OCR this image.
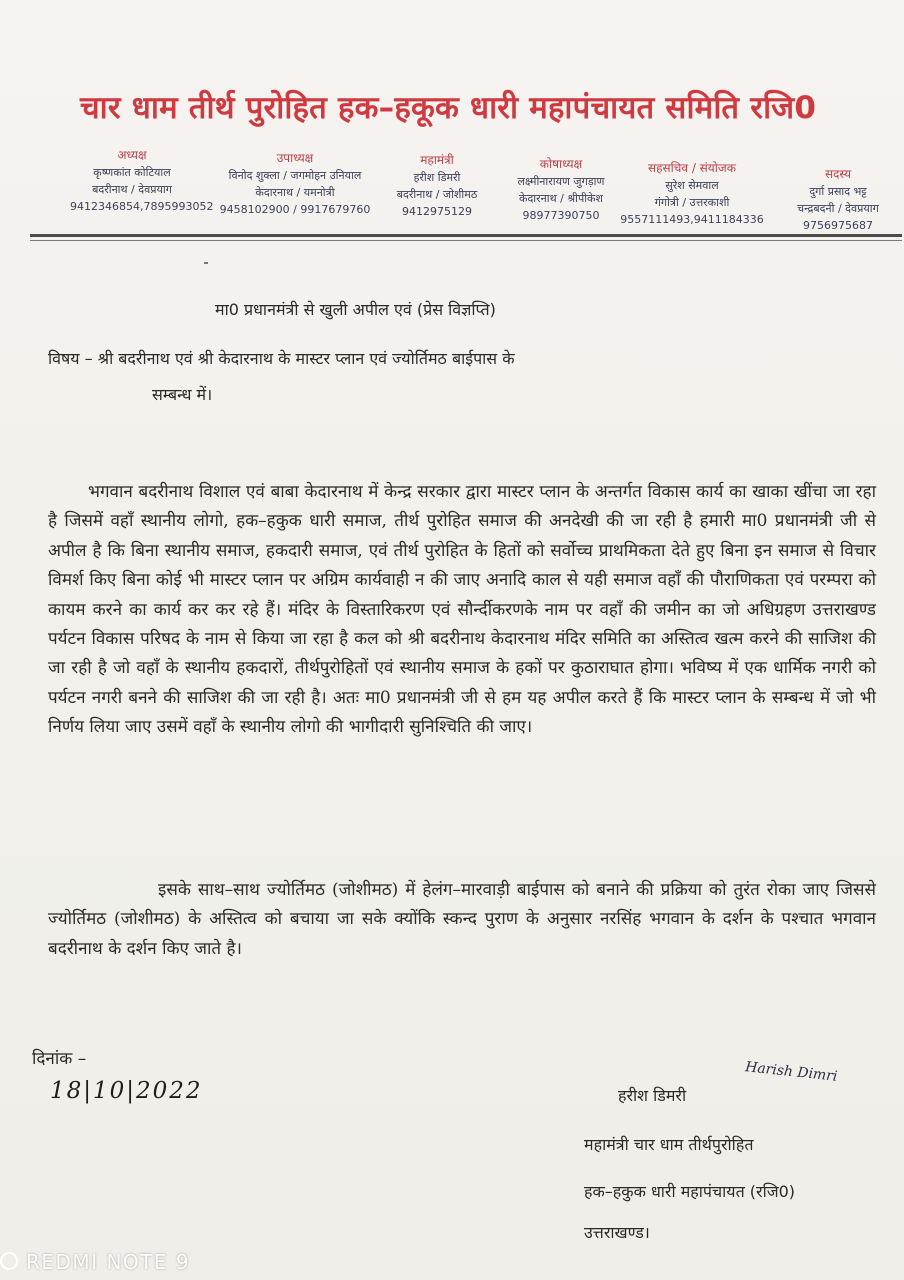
चार धाम तीर्थ पुरोहित हक–हकूक धारी महापंचायत समिति रजि0
अध्यक्ष
कृष्णकांत कोटियाल
बदरीनाथ / देवप्रयाग
9412346854,7895993052
उपाध्यक्ष
विनोद शुक्ला / जगमोहन उनियाल
केदारनाथ / यमनोत्री
9458102900 / 9917679760
महामंत्री
हरीश डिमरी
बदरीनाथ / जोशीमठ
9412975129
कोषाध्यक्ष
लक्ष्मीनारायण जुगड़ाण
केदारनाथ / श्रीपीकेश
98977390750
सहसचिव / संयोजक
सुरेश सेमवाल
गंगोत्री / उत्तरकाशी
9557111493,9411184336
सदस्य
दुर्गा प्रसाद भट्ट
चन्द्रबदनी / देवप्रयाग
9756975687
मा0 प्रधानमंत्री से खुली अपील एवं (प्रेस विज्ञप्ति)
विषय – श्री बदरीनाथ एवं श्री केदारनाथ के मास्टर प्लान एवं ज्योर्तिमठ बाईपास के
सम्बन्ध में।
भगवान बदरीनाथ विशाल एवं बाबा केदारनाथ में केन्द्र सरकार द्वारा मास्टर प्लान के अन्तर्गत विकास कार्य का खाका खींचा जा रहा है जिसमें वहाँ स्थानीय लोगो, हक–हकुक धारी समाज, तीर्थ पुरोहित समाज की अनदेखी की जा रही है हमारी मा0 प्रधानमंत्री जी से अपील है कि बिना स्थानीय समाज, हकदारी समाज, एवं तीर्थ पुरोहित के हितों को सर्वोच्च प्राथमिकता देते हुए बिना इन समाज से विचार विमर्श किए बिना कोई भी मास्टर प्लान पर अग्रिम कार्यवाही न की जाए अनादि काल से यही समाज वहाँ की पौराणिकता एवं परम्परा को कायम करने का कार्य कर कर रहे हैं। मंदिर के विस्तारिकरण एवं सौर्न्दीकरणके नाम पर वहाँ की जमीन का जो अधिग्रहण उत्तराखण्ड पर्यटन विकास परिषद के नाम से किया जा रहा है कल को श्री बदरीनाथ केदारनाथ मंदिर समिति का अस्तित्व खत्म करने की साजिश की जा रही है जो वहाँ के स्थानीय हकदारों, तीर्थपुरोहितों एवं स्थानीय समाज के हकों पर कुठाराघात होगा। भविष्य में एक धार्मिक नगरी को पर्यटन नगरी बनने की साजिश की जा रही है। अतः मा0 प्रधानमंत्री जी से हम यह अपील करते हैं कि मास्टर प्लान के सम्बन्ध में जो भी निर्णय लिया जाए उसमें वहाँ के स्थानीय लोगो की भागीदारी सुनिश्चिति की जाए।
इसके साथ–साथ ज्योर्तिमठ (जोशीमठ) में हेलंग–मारवाड़ी बाईपास को बनाने की प्रक्रिया को तुरंत रोका जाए जिससे ज्योर्तिमठ (जोशीमठ) के अस्तित्व को बचाया जा सके क्योंकि स्कन्द पुराण के अनुसार नरसिंह भगवान के दर्शन के पश्चात भगवान बदरीनाथ के दर्शन किए जाते है।
दिनांक –
18|10|2022	हरीश डिमरी
Harish Dimri
महामंत्री चार धाम तीर्थपुरोहित
हक–हकुक धारी महापंचायत (रजि0)
उत्तराखण्ड।
REDMI NOTE 9
